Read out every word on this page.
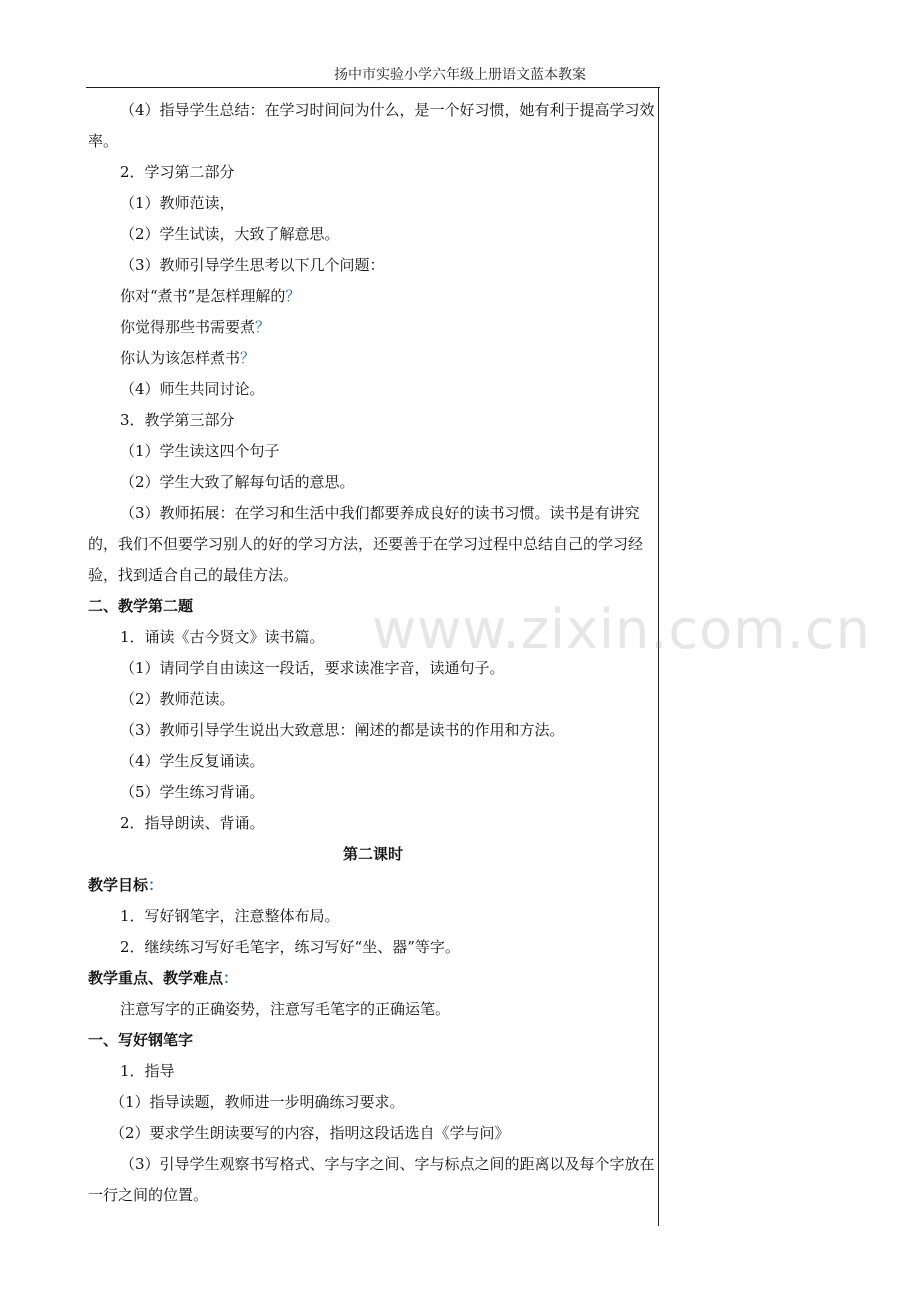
扬中市实验小学六年级上册语文蓝本教案

（4）指导学生总结：在学习时间问为什么，是一个好习惯，她有利于提高学习效率。

2．学习第二部分

（1）教师范读，

（2）学生试读，大致了解意思。

（3）教师引导学生思考以下几个问题：

你对“煮书”是怎样理解的？

你觉得那些书需要煮？

你认为该怎样煮书？

（4）师生共同讨论。

3．教学第三部分

（1）学生读这四个句子

（2）学生大致了解每句话的意思。

（3）教师拓展：在学习和生活中我们都要养成良好的读书习惯。读书是有讲究的，我们不但要学习别人的好的学习方法，还要善于在学习过程中总结自己的学习经验，找到适合自己的最佳方法。

二、教学第二题

1．诵读《古今贤文》读书篇。

（1）请同学自由读这一段话，要求读准字音，读通句子。

（2）教师范读。

（3）教师引导学生说出大致意思：阐述的都是读书的作用和方法。

（4）学生反复诵读。

（5）学生练习背诵。

2．指导朗读、背诵。

第二课时

教学目标：

1．写好钢笔字，注意整体布局。

2．继续练习写好毛笔字，练习写好“坐、器”等字。

教学重点、教学难点：

注意写字的正确姿势，注意写毛笔字的正确运笔。

一、写好钢笔字

1．指导

（1）指导读题，教师进一步明确练习要求。

（2）要求学生朗读要写的内容，指明这段话选自《学与问》

（3）引导学生观察书写格式、字与字之间、字与标点之间的距离以及每个字放在一行之间的位置。

www.zixin.com.cn
